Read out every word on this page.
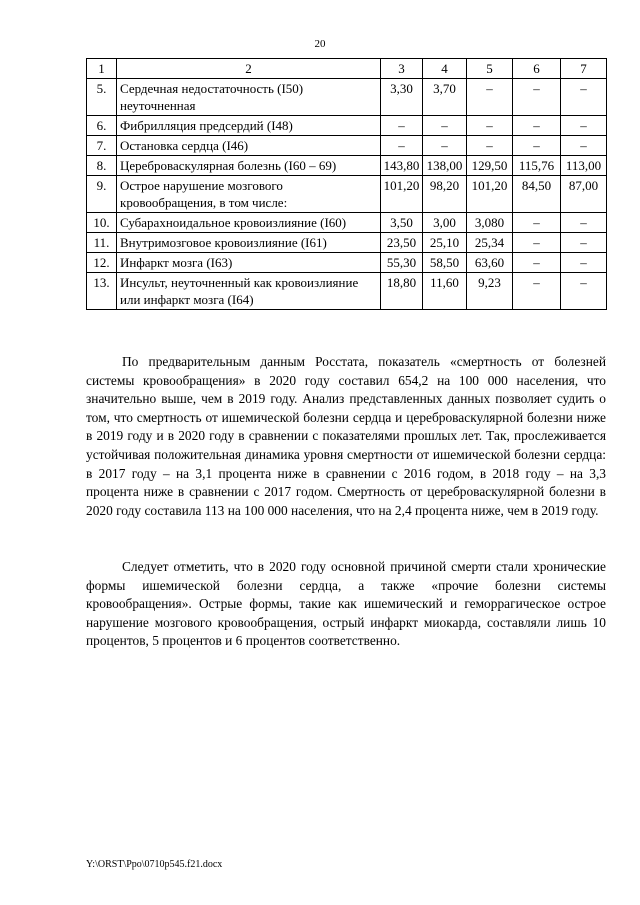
20
1	2	3	4	5	6	7
5.	Сердечная недостаточность (I50) неуточненная	3,30	3,70	–	–	–
6.	Фибрилляция предсердий (I48)	–	–	–	–	–
7.	Остановка сердца (I46)	–	–	–	–	–
8.	Цереброваскулярная болезнь (I60 – 69)	143,80	138,00	129,50	115,76	113,00
9.	Острое нарушение мозгового кровообращения, в том числе:	101,20	98,20	101,20	84,50	87,00
10.	Субарахноидальное кровоизлияние (I60)	3,50	3,00	3,080	–	–
11.	Внутримозговое кровоизлияние (I61)	23,50	25,10	25,34	–	–
12.	Инфаркт мозга (I63)	55,30	58,50	63,60	–	–
13.	Инсульт, неуточненный как кровоизлияние или инфаркт мозга (I64)	18,80	11,60	9,23	–	–

По предварительным данным Росстата, показатель «смертность от болезней системы кровообращения» в 2020 году составил 654,2 на 100 000 населения, что значительно выше, чем в 2019 году. Анализ представленных данных позволяет судить о том, что смертность от ишемической болезни сердца и цереброваскулярной болезни ниже в 2019 году и в 2020 году в сравнении с показателями прошлых лет. Так, прослеживается устойчивая положительная динамика уровня смертности от ишемической болезни сердца: в 2017 году – на 3,1 процента ниже в сравнении с 2016 годом, в 2018 году – на 3,3 процента ниже в сравнении с 2017 годом. Смертность от цереброваскулярной болезни в 2020 году составила 113 на 100 000 населения, что на 2,4 процента ниже, чем в 2019 году.

Следует отметить, что в 2020 году основной причиной смерти стали хронические формы ишемической болезни сердца, а также «прочие болезни системы кровообращения». Острые формы, такие как ишемический и геморрагическое острое нарушение мозгового кровообращения, острый инфаркт миокарда, составляли лишь 10 процентов, 5 процентов и 6 процентов соответственно.

Y:\ORST\Ppo\0710p545.f21.docx
